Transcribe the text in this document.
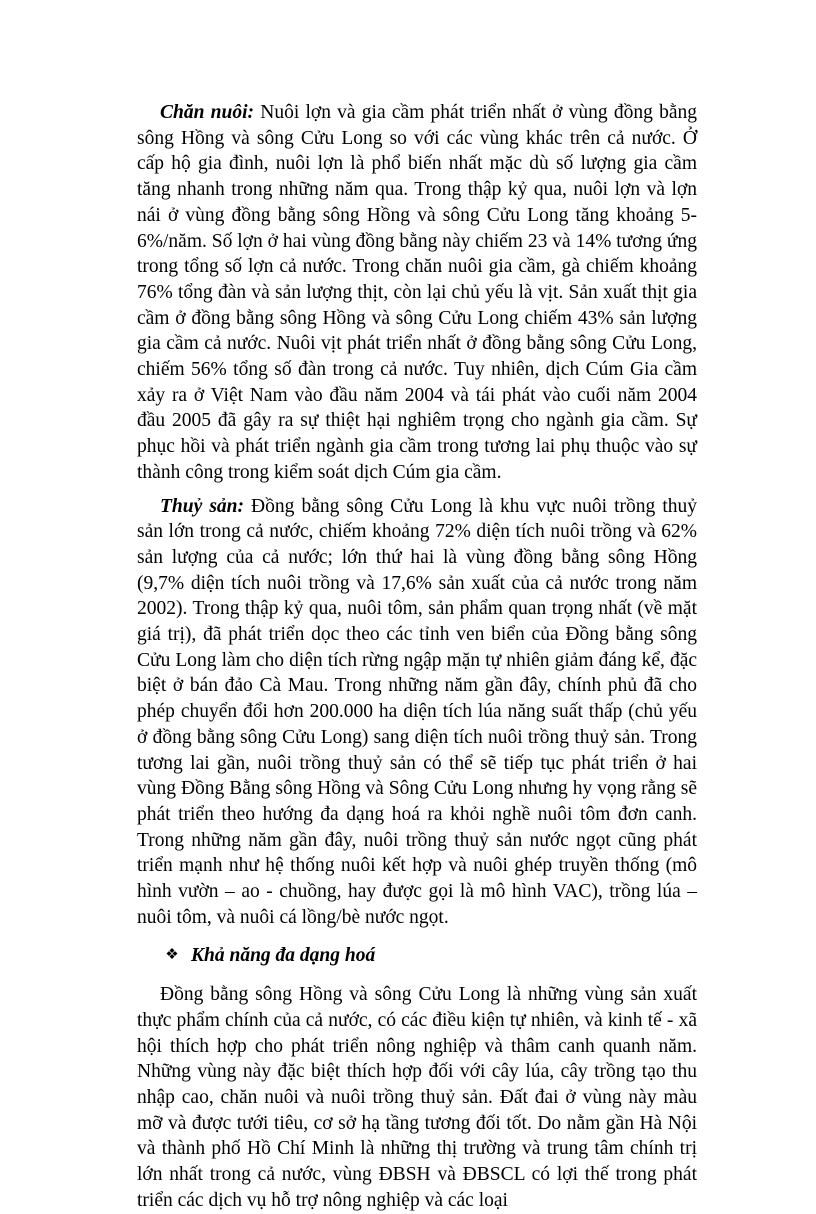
Chăn nuôi: Nuôi lợn và gia cầm phát triển nhất ở vùng đồng bằng sông Hồng và sông Cửu Long so với các vùng khác trên cả nước. Ở cấp hộ gia đình, nuôi lợn là phổ biến nhất mặc dù số lượng gia cầm tăng nhanh trong những năm qua. Trong thập kỷ qua, nuôi lợn và lợn nái ở vùng đồng bằng sông Hồng và sông Cửu Long tăng khoảng 5-6%/năm. Số lợn ở hai vùng đồng bằng này chiếm 23 và 14% tương ứng trong tổng số lợn cả nước. Trong chăn nuôi gia cầm, gà chiếm khoảng 76% tổng đàn và sản lượng thịt, còn lại chủ yếu là vịt. Sản xuất thịt gia cầm ở đồng bằng sông Hồng và sông Cửu Long chiếm 43% sản lượng gia cầm cả nước. Nuôi vịt phát triển nhất ở đồng bằng sông Cửu Long, chiếm 56% tổng số đàn trong cả nước. Tuy nhiên, dịch Cúm Gia cầm xảy ra ở Việt Nam vào đầu năm 2004 và tái phát vào cuối năm 2004 đầu 2005 đã gây ra sự thiệt hại nghiêm trọng cho ngành gia cầm. Sự phục hồi và phát triển ngành gia cầm trong tương lai phụ thuộc vào sự thành công trong kiểm soát dịch Cúm gia cầm.

Thuỷ sản: Đồng bằng sông Cửu Long là khu vực nuôi trồng thuỷ sản lớn trong cả nước, chiếm khoảng 72% diện tích nuôi trồng và 62% sản lượng của cả nước; lớn thứ hai là vùng đồng bằng sông Hồng (9,7% diện tích nuôi trồng và 17,6% sản xuất của cả nước trong năm 2002). Trong thập kỷ qua, nuôi tôm, sản phẩm quan trọng nhất (về mặt giá trị), đã phát triển dọc theo các tỉnh ven biển của Đồng bằng sông Cửu Long làm cho diện tích rừng ngập mặn tự nhiên giảm đáng kể, đặc biệt ở bán đảo Cà Mau. Trong những năm gần đây, chính phủ đã cho phép chuyển đổi hơn 200.000 ha diện tích lúa năng suất thấp (chủ yếu ở đồng bằng sông Cửu Long) sang diện tích nuôi trồng thuỷ sản. Trong tương lai gần, nuôi trồng thuỷ sản có thể sẽ tiếp tục phát triển ở hai vùng Đồng Bằng sông Hồng và Sông Cửu Long nhưng hy vọng rằng sẽ phát triển theo hướng đa dạng hoá ra khỏi nghề nuôi tôm đơn canh. Trong những năm gần đây, nuôi trồng thuỷ sản nước ngọt cũng phát triển mạnh như hệ thống nuôi kết hợp và nuôi ghép truyền thống (mô hình vườn – ao - chuồng, hay được gọi là mô hình VAC), trồng lúa – nuôi tôm, và nuôi cá lồng/bè nước ngọt.

❖ Khả năng đa dạng hoá

Đồng bằng sông Hồng và sông Cửu Long là những vùng sản xuất thực phẩm chính của cả nước, có các điều kiện tự nhiên, và kinh tế - xã hội thích hợp cho phát triển nông nghiệp và thâm canh quanh năm. Những vùng này đặc biệt thích hợp đối với cây lúa, cây trồng tạo thu nhập cao, chăn nuôi và nuôi trồng thuỷ sản. Đất đai ở vùng này màu mỡ và được tưới tiêu, cơ sở hạ tầng tương đối tốt. Do nằm gần Hà Nội và thành phố Hồ Chí Minh là những thị trường và trung tâm chính trị lớn nhất trong cả nước, vùng ĐBSH và ĐBSCL có lợi thế trong phát triển các dịch vụ hỗ trợ nông nghiệp và các loại
